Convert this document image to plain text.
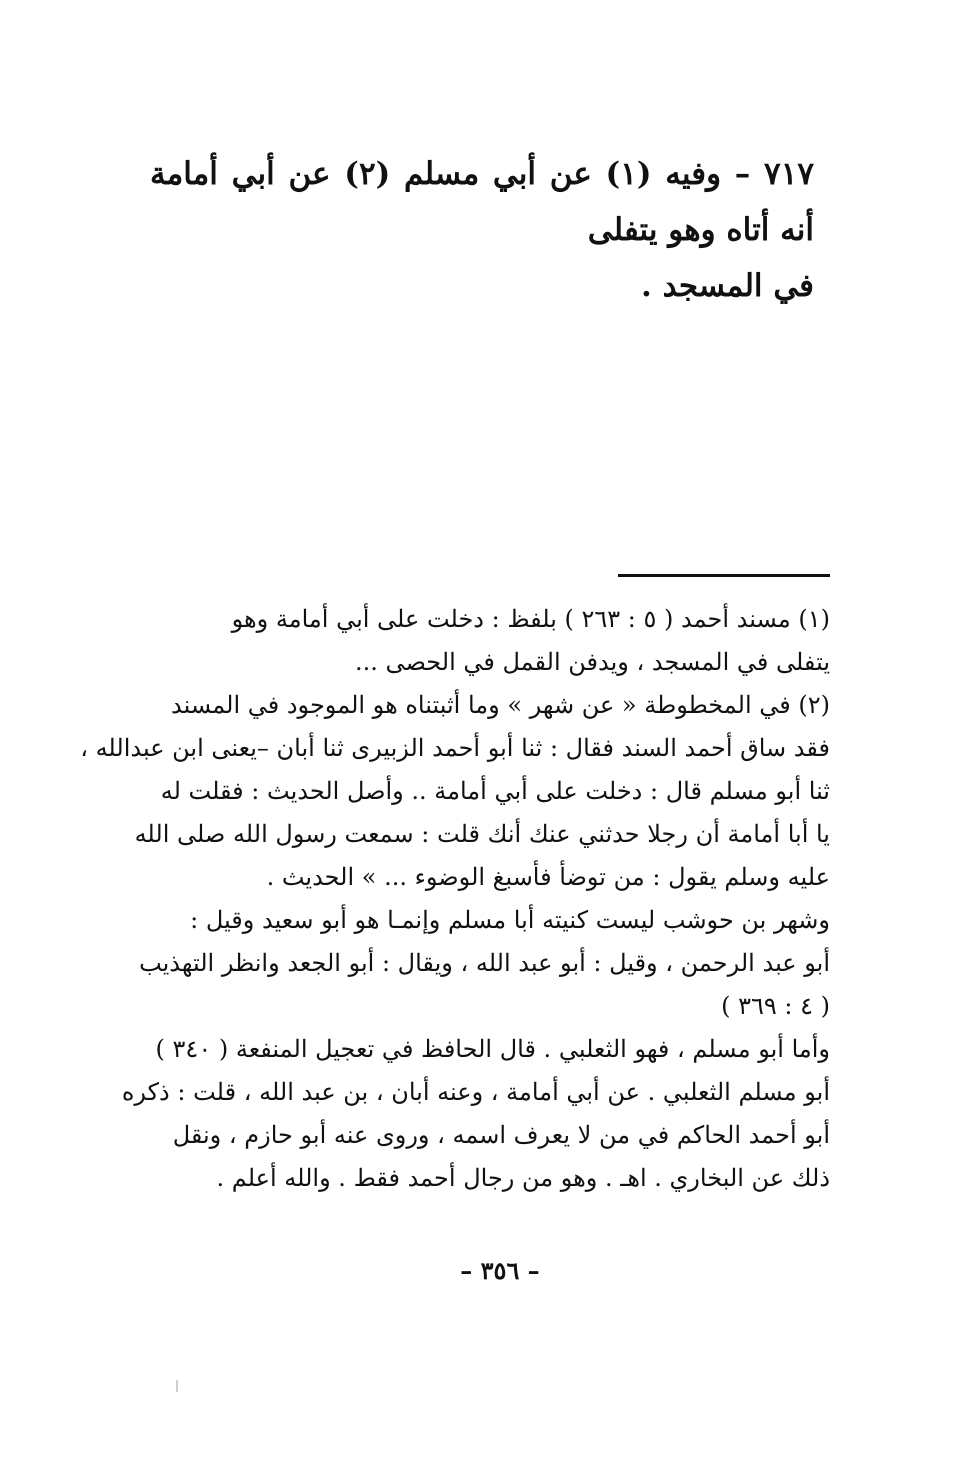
٧١٧ – وفيه (١) عن أبي مسلم (٢) عن أبي أمامة أنه أتاه وهو يتفلى

في المسجد .

(١) مسند أحمد ( ٥ : ٢٦٣ ) بلفظ : دخلت على أبي أمامة وهو
يتفلى في المسجد ، ويدفن القمل في الحصى ...

(٢) في المخطوطة « عن شهر » وما أثبتناه هو الموجود في المسند
فقد ساق أحمد السند فقال : ثنا أبو أحمد الزبيرى ثنا أبان –يعنى ابن عبدالله ،
ثنا أبو مسلم قال : دخلت على أبي أمامة .. وأصل الحديث : فقلت له
يا أبا أمامة أن رجلا حدثني عنك أنك قلت : سمعت رسول الله صلى الله
عليه وسلم يقول : من توضأ فأسبغ الوضوء ... » الحديث .

وشهر بن حوشب ليست كنيته أبا مسلم وإنمـا هو أبو سعيد وقيل :
أبو عبد الرحمن ، وقيل : أبو عبد الله ، ويقال : أبو الجعد وانظر التهذيب
( ٤ : ٣٦٩ )

وأما أبو مسلم ، فهو الثعلبي . قال الحافظ في تعجيل المنفعة ( ٣٤٠ )
أبو مسلم الثعلبي . عن أبي أمامة ، وعنه أبان ، بن عبد الله ، قلت : ذكره
أبو أحمد الحاكم في من لا يعرف اسمه ، وروى عنه أبو حازم ، ونقل
ذلك عن البخاري . اهـ . وهو من رجال أحمد فقط . والله أعلم .

– ٣٥٦ –
